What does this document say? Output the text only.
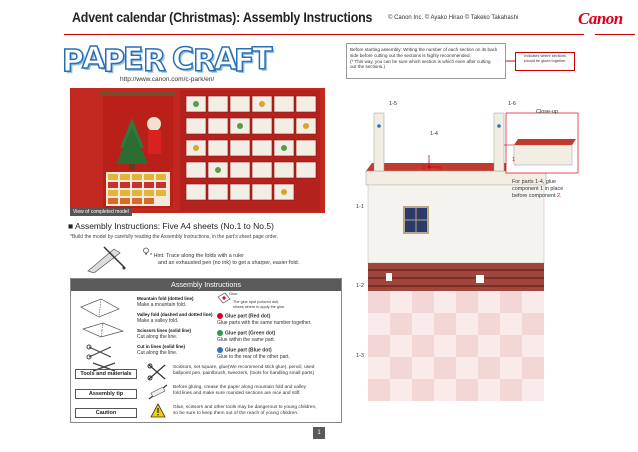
Advent calendar (Christmas): Assembly Instructions	© Canon Inc. © Ayako Hirao © Takeko Takahashi	Canon
P
A
P
E R C
R
A
F
T
http://www.canon.com/c-park/en/
View of completed model
■ Assembly Instructions: Five A4 sheets (No.1 to No.5)
*Build the model by carefully reading the Assembly Instructions, in the part's sheet page order.
* Hint: Trace along the folds with a ruler
and an exhausted pen (no ink) to get a sharper, easier fold.
Assembly Instructions
Mountain fold (dotted line)
Make a mountain fold.
Valley fold (dashed and dotted line)
Make a valley fold.
Scissors lines (solid line)
Cut along the line.
Cut in lines (solid line)
Cut along the line.
Glue
The glue spot (colored dot)
shows where to apply the glue.
Glue part (Red dot)
Glue parts with the same number together.
Glue part (Green dot)
Glue within the same part.
Glue part (Blue dot)
Glue to the rear of the other part.
Tools and materials
Scissors, set square, glue(We recommend stick glue), pencil, used
ballpoint pen, paintbrush, tweezers, (tools for handling small parts)
Assembly tip
Before gluing, crease the paper along mountain fold and valley
fold lines and make sure rounded sections are nice and stiff.
Caution
Glue, scissors and other tools may be dangerous to young children,
so be sure to keep them out of the reach of young children.
1
Before starting assembly: Writing the number of each section on its back
side before cutting out the sections is highly recommended.
(* This way, you can be sure which section is which even after cutting
out the sections.)
Indicates where sections
should be glued together.
1-5	1-6
1-4
1-1
1-2
1-3
Close-up
a
2
1
For parts 1-4, glue
component 1 in place
before component 2.
